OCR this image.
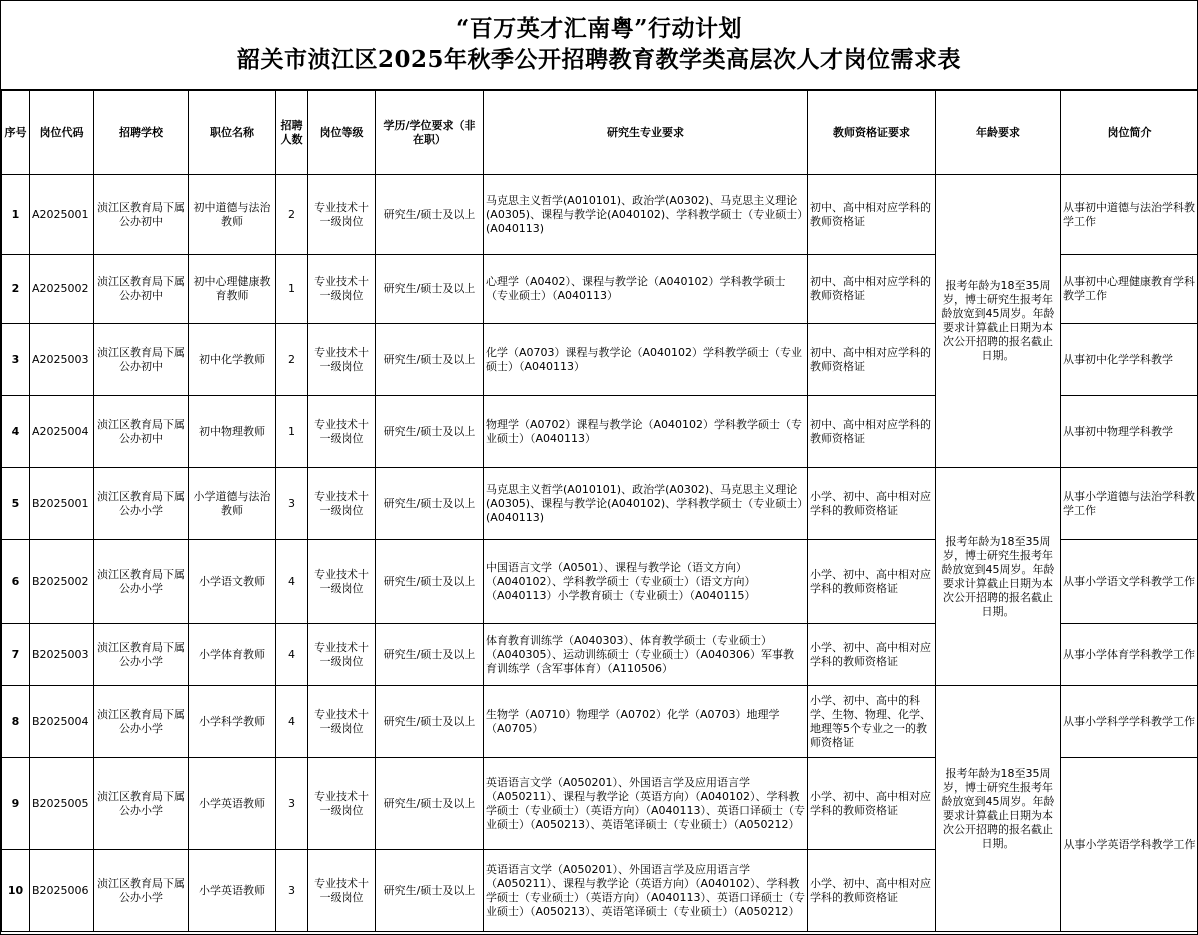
“百万英才汇南粤”行动计划
韶关市浈江区2025年秋季公开招聘教育教学类高层次人才岗位需求表
序号	岗位代码	招聘学校	职位名称	招聘人数	岗位等级	学历/学位要求（非在职）	研究生专业要求	教师资格证要求	年龄要求	岗位简介
1	A2025001	浈江区教育局下属公办初中	初中道德与法治教师	2	专业技术十一级岗位	研究生/硕士及以上	马克思主义哲学(A010101)、政治学(A0302)、马克思主义理论(A0305)、课程与教学论(A040102)、学科教学硕士（专业硕士）(A040113)	初中、高中相对应学科的教师资格证	报考年龄为18至35周岁，博士研究生报考年龄放宽到45周岁。年龄要求计算截止日期为本次公开招聘的报名截止日期。	从事初中道德与法治学科教学工作
2	A2025002	浈江区教育局下属公办初中	初中心理健康教育教师	1	专业技术十一级岗位	研究生/硕士及以上	心理学（A0402）、课程与教学论（A040102）学科教学硕士（专业硕士）（A040113）	初中、高中相对应学科的教师资格证		从事初中心理健康教育学科教学工作
3	A2025003	浈江区教育局下属公办初中	初中化学教师	2	专业技术十一级岗位	研究生/硕士及以上	化学（A0703）课程与教学论（A040102）学科教学硕士（专业硕士）（A040113）	初中、高中相对应学科的教师资格证		从事初中化学学科教学
4	A2025004	浈江区教育局下属公办初中	初中物理教师	1	专业技术十一级岗位	研究生/硕士及以上	物理学（A0702）课程与教学论（A040102）学科教学硕士（专业硕士）（A040113）	初中、高中相对应学科的教师资格证		从事初中物理学科教学
5	B2025001	浈江区教育局下属公办小学	小学道德与法治教师	3	专业技术十一级岗位	研究生/硕士及以上	马克思主义哲学(A010101)、政治学(A0302)、马克思主义理论(A0305)、课程与教学论(A040102)、学科教学硕士（专业硕士）(A040113)	小学、初中、高中相对应学科的教师资格证	报考年龄为18至35周岁，博士研究生报考年龄放宽到45周岁。年龄要求计算截止日期为本次公开招聘的报名截止日期。	从事小学道德与法治学科教学工作
6	B2025002	浈江区教育局下属公办小学	小学语文教师	4	专业技术十一级岗位	研究生/硕士及以上	中国语言文学（A0501）、课程与教学论（语文方向）（A040102）、学科教学硕士（专业硕士）（语文方向）（A040113）小学教育硕士（专业硕士）（A040115）	小学、初中、高中相对应学科的教师资格证		从事小学语文学科教学工作
7	B2025003	浈江区教育局下属公办小学	小学体育教师	4	专业技术十一级岗位	研究生/硕士及以上	体育教育训练学（A040303）、体育教学硕士（专业硕士）（A040305）、运动训练硕士（专业硕士）（A040306）军事教育训练学（含军事体育）（A110506）	小学、初中、高中相对应学科的教师资格证		从事小学体育学科教学工作
8	B2025004	浈江区教育局下属公办小学	小学科学教师	4	专业技术十一级岗位	研究生/硕士及以上	生物学（A0710）物理学（A0702）化学（A0703）地理学（A0705）	小学、初中、高中的科学、生物、物理、化学、地理等5个专业之一的教师资格证	报考年龄为18至35周岁，博士研究生报考年龄放宽到45周岁。年龄要求计算截止日期为本次公开招聘的报名截止日期。	从事小学科学学科教学工作
9	B2025005	浈江区教育局下属公办小学	小学英语教师	3	专业技术十一级岗位	研究生/硕士及以上	英语语言文学（A050201）、外国语言学及应用语言学（A050211）、课程与教学论（英语方向）（A040102）、学科教学硕士（专业硕士）（英语方向）（A040113）、英语口译硕士（专业硕士）（A050213）、英语笔译硕士（专业硕士）（A050212）	小学、初中、高中相对应学科的教师资格证		从事小学英语学科教学工作
10	B2025006	浈江区教育局下属公办小学	小学英语教师	3	专业技术十一级岗位	研究生/硕士及以上	英语语言文学（A050201）、外国语言学及应用语言学（A050211）、课程与教学论（英语方向）（A040102）、学科教学硕士（专业硕士）（英语方向）（A040113）、英语口译硕士（专业硕士）（A050213）、英语笔译硕士（专业硕士）（A050212）	小学、初中、高中相对应学科的教师资格证		
